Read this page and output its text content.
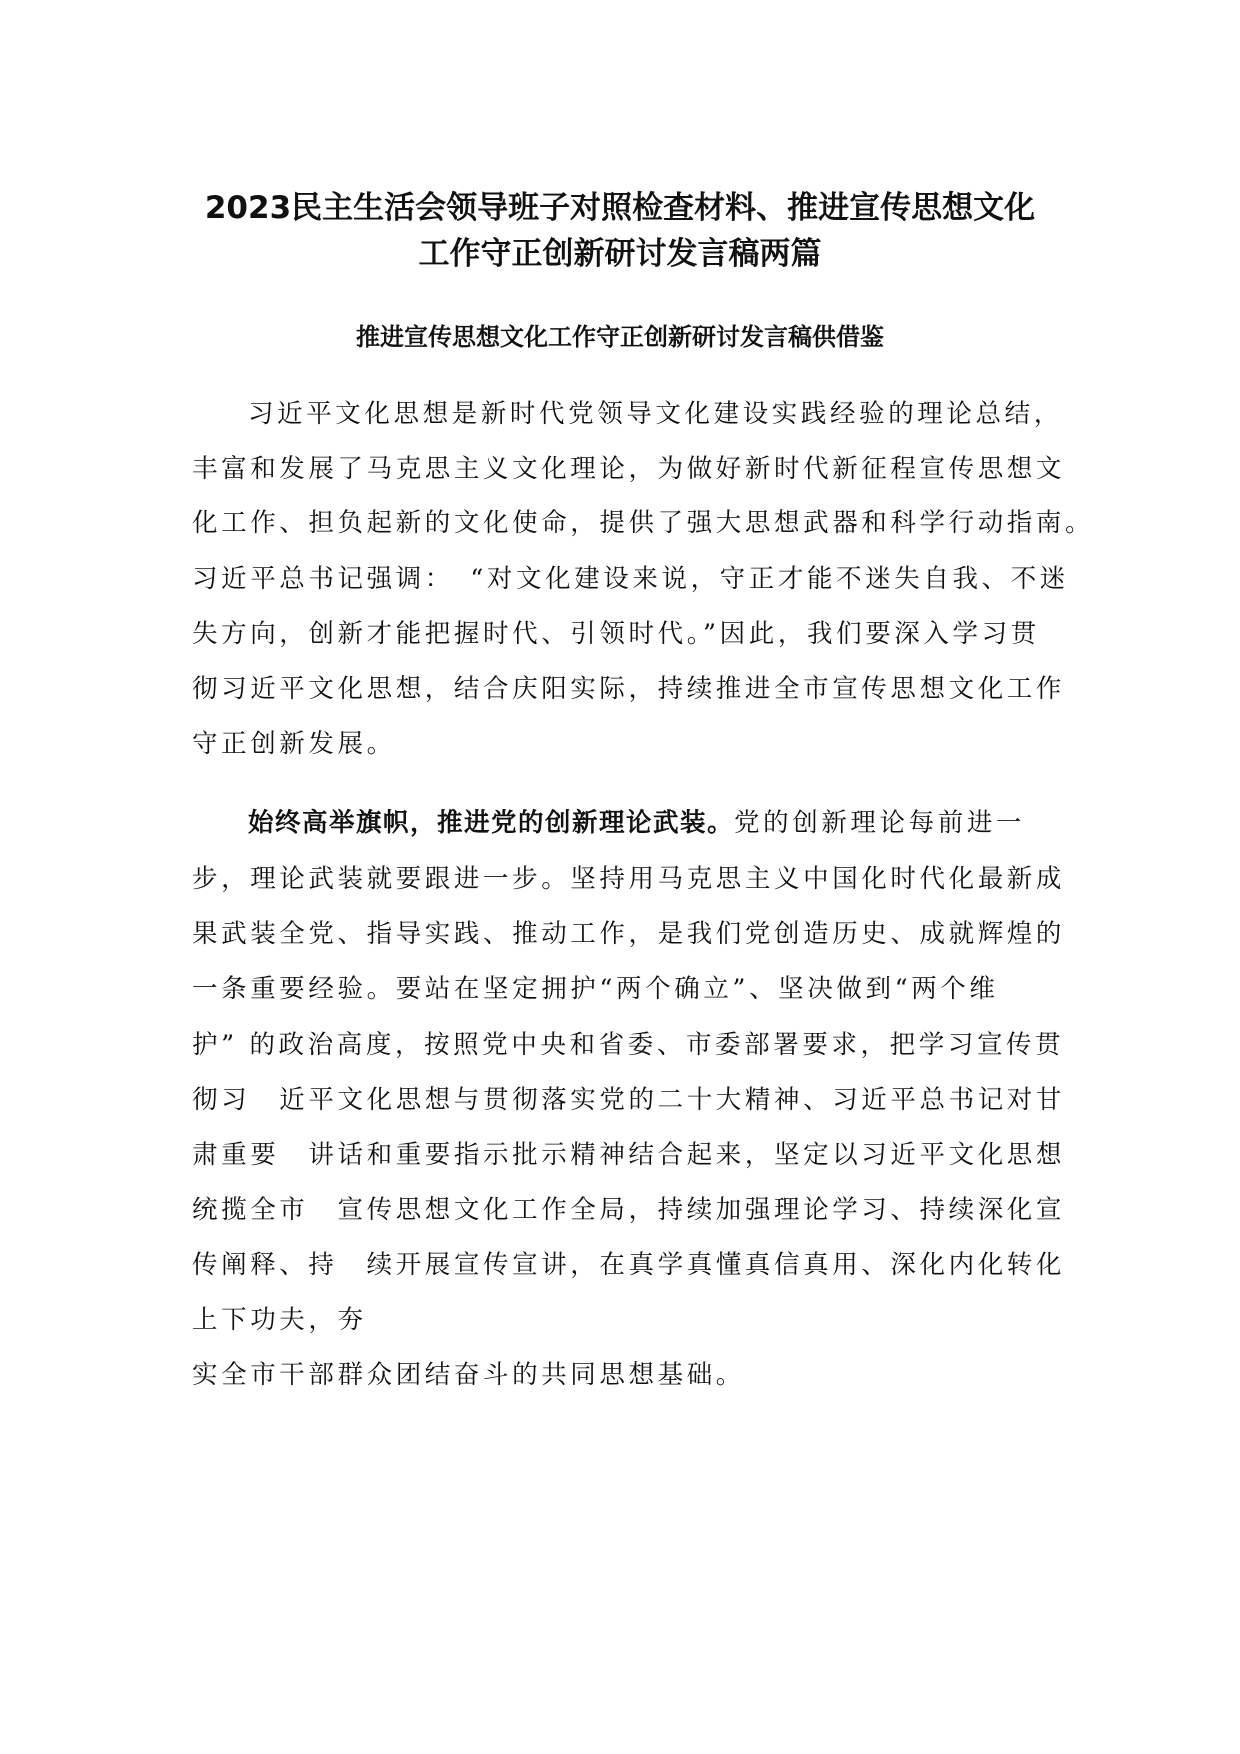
2023民主生活会领导班子对照检查材料、推进宣传思想文化
工作守正创新研讨发言稿两篇
推进宣传思想文化工作守正创新研讨发言稿供借鉴
习近平文化思想是新时代党领导文化建设实践经验的理论总结，
丰富和发展了马克思主义文化理论，为做好新时代新征程宣传思想文
化工作、担负起新的文化使命，提供了强大思想武器和科学行动指南。
习近平总书记强调：　“对文化建设来说，守正才能不迷失自我、不迷
失方向，创新才能把握时代、引领时代。”因此，我们要深入学习贯
彻习近平文化思想，结合庆阳实际，持续推进全市宣传思想文化工作
守正创新发展。
始终高举旗帜，推进党的创新理论武装。党的创新理论每前进一
步，理论武装就要跟进一步。坚持用马克思主义中国化时代化最新成
果武装全党、指导实践、推动工作，是我们党创造历史、成就辉煌的
一条重要经验。要站在坚定拥护“两个确立”、坚决做到“两个维
护” 的政治高度，按照党中央和省委、市委部署要求，把学习宣传贯
彻习　近平文化思想与贯彻落实党的二十大精神、习近平总书记对甘
肃重要　讲话和重要指示批示精神结合起来，坚定以习近平文化思想
统揽全市　宣传思想文化工作全局，持续加强理论学习、持续深化宣
传阐释、持　续开展宣传宣讲，在真学真懂真信真用、深化内化转化
上下功夫，夯
实全市干部群众团结奋斗的共同思想基础。
